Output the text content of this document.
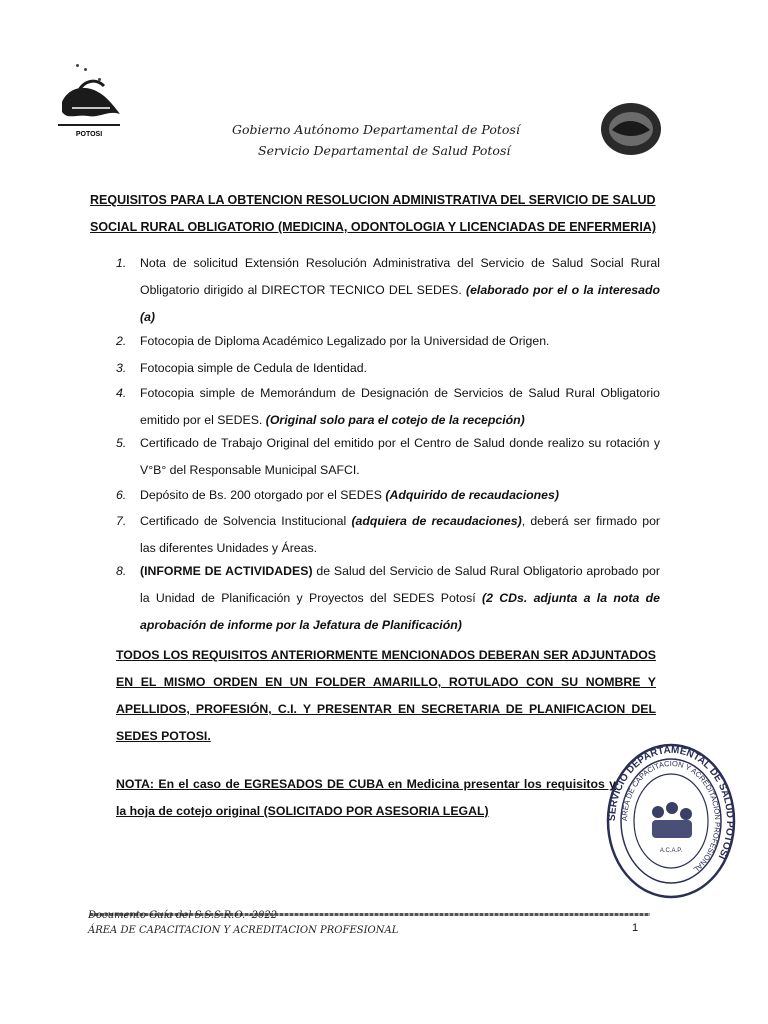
POTOSI	Gobierno Autónomo Departamental de Potosí
Servicio Departamental de Salud Potosí
REQUISITOS PARA LA OBTENCION RESOLUCION ADMINISTRATIVA DEL SERVICIO DE SALUD
SOCIAL RURAL OBLIGATORIO (MEDICINA, ODONTOLOGIA Y LICENCIADAS DE ENFERMERIA)
1.	Nota de solicitud Extensión Resolución Administrativa del Servicio de Salud Social Rural Obligatorio dirigido al DIRECTOR TECNICO DEL SEDES. (elaborado por el o la interesado (a)
2.	Fotocopia de Diploma Académico Legalizado por la Universidad de Origen.
3.	Fotocopia simple de Cedula de Identidad.
4.	Fotocopia simple de Memorándum de Designación de Servicios de Salud Rural Obligatorio emitido por el SEDES. (Original solo para el cotejo de la recepción)
5.	Certificado de Trabajo Original del emitido por el Centro de Salud donde realizo su rotación y V°B° del Responsable Municipal SAFCI.
6.	Depósito de Bs. 200 otorgado por el SEDES (Adquirido de recaudaciones)
7.	Certificado de Solvencia Institucional (adquiera de recaudaciones), deberá ser firmado por las diferentes Unidades y Áreas.
8.	(INFORME DE ACTIVIDADES) de Salud del Servicio de Salud Rural Obligatorio aprobado por la Unidad de Planificación y Proyectos del SEDES Potosí (2 CDs. adjunta a la nota de aprobación de informe por la Jefatura de Planificación)
TODOS LOS REQUISITOS ANTERIORMENTE MENCIONADOS DEBERAN SER ADJUNTADOS EN EL MISMO ORDEN EN UN FOLDER AMARILLO, ROTULADO CON SU NOMBRE Y APELLIDOS, PROFESIÓN, C.I. Y PRESENTAR EN SECRETARIA DE PLANIFICACION DEL SEDES POTOSI.
NOTA: En el caso de EGRESADOS DE CUBA en Medicina presentar los requisitos y la hoja de cotejo original (SOLICITADO POR ASESORIA LEGAL)	SERVICIO DEPARTAMENTAL DE SALUD POTOSI
AREA DE CAPACITACION Y ACREDITACION PROFESIONAL
A.C.A.P.
Documento Guía del S.S.S.R.O. -2022
ÁREA DE CAPACITACION Y ACREDITACION PROFESIONAL	1
